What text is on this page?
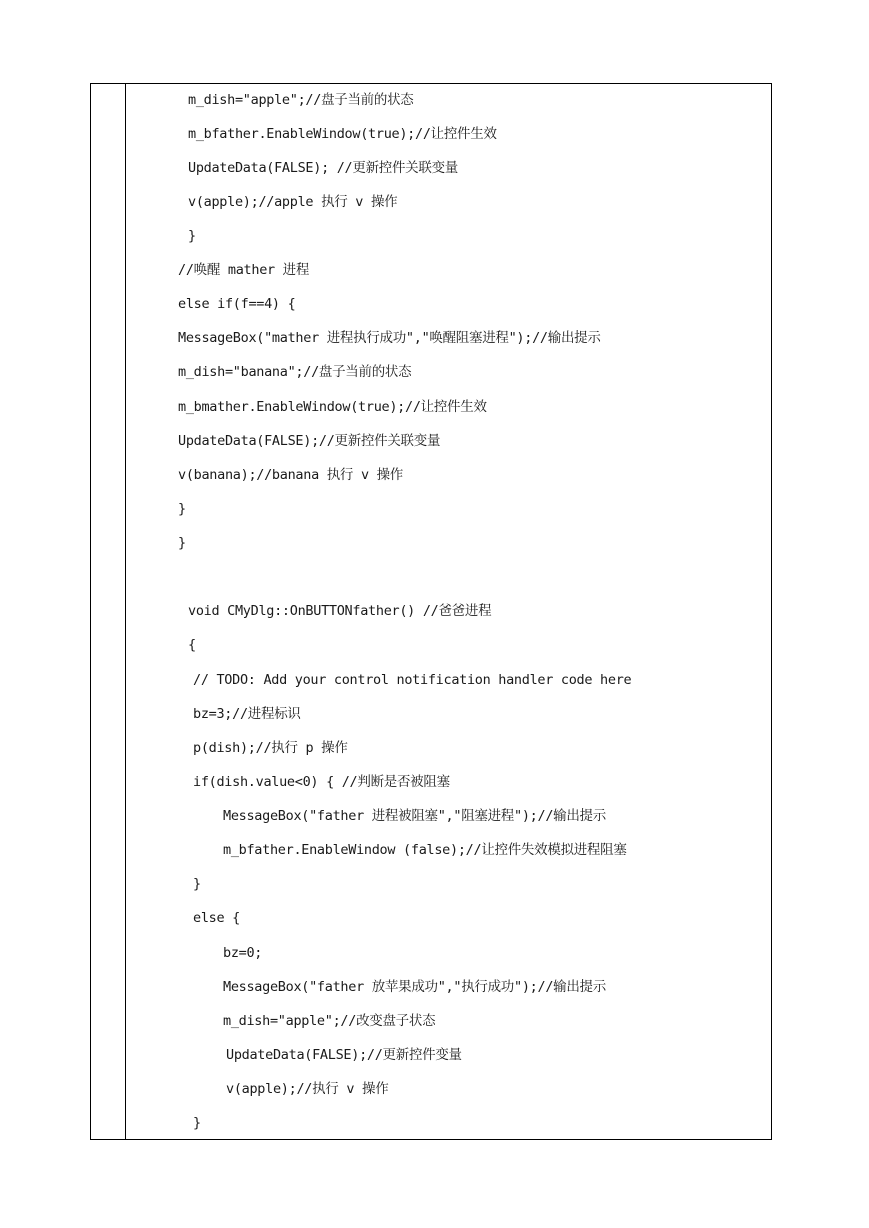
m_dish="apple";//盘子当前的状态
m_bfather.EnableWindow(true);//让控件生效
UpdateData(FALSE); //更新控件关联变量
v(apple);//apple 执行 v 操作
}
//唤醒 mather 进程
else if(f==4) {
MessageBox("mather 进程执行成功","唤醒阻塞进程");//输出提示
m_dish="banana";//盘子当前的状态
m_bmather.EnableWindow(true);//让控件生效
UpdateData(FALSE);//更新控件关联变量
v(banana);//banana 执行 v 操作
}
}
void CMyDlg::OnBUTTONfather() //爸爸进程
{
// TODO: Add your control notification handler code here
bz=3;//进程标识
p(dish);//执行 p 操作
if(dish.value<0) { //判断是否被阻塞
MessageBox("father 进程被阻塞","阻塞进程");//输出提示
m_bfather.EnableWindow (false);//让控件失效模拟进程阻塞
}
else {
bz=0;
MessageBox("father 放苹果成功","执行成功");//输出提示
m_dish="apple";//改变盘子状态
UpdateData(FALSE);//更新控件变量
v(apple);//执行 v 操作
}
